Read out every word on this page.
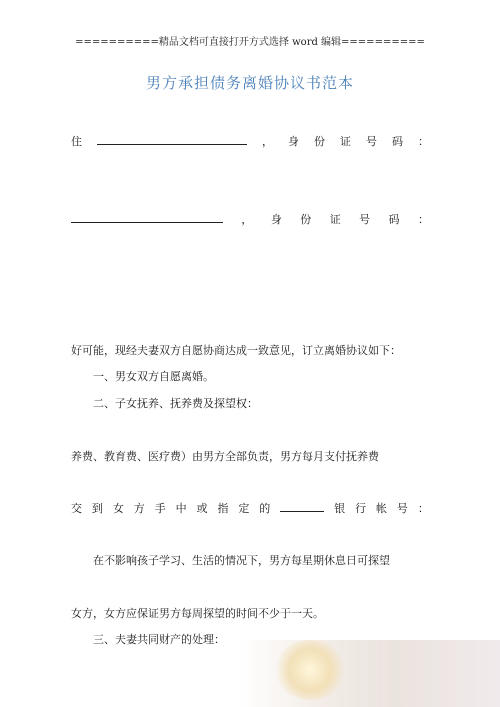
==========精品文档可直接打开方式选择 word 编辑==========
男方承担债务离婚协议书范本

住	， 身 份 证 号 码 ：

， 身 份 证 号 码 ：

好可能，现经夫妻双方自愿协商达成一致意见，订立离婚协议如下：
一、男女双方自愿离婚。
二、子女抚养、抚养费及探望权：

养费、教育费、医疗费）由男方全部负责，男方每月支付抚养费

交 到 女 方 手 中 或 指 定 的	银 行 帐 号 ：

在不影响孩子学习、生活的情况下，男方每星期休息日可探望

女方，女方应保证男方每周探望的时间不少于一天。
三、夫妻共同财产的处理：
